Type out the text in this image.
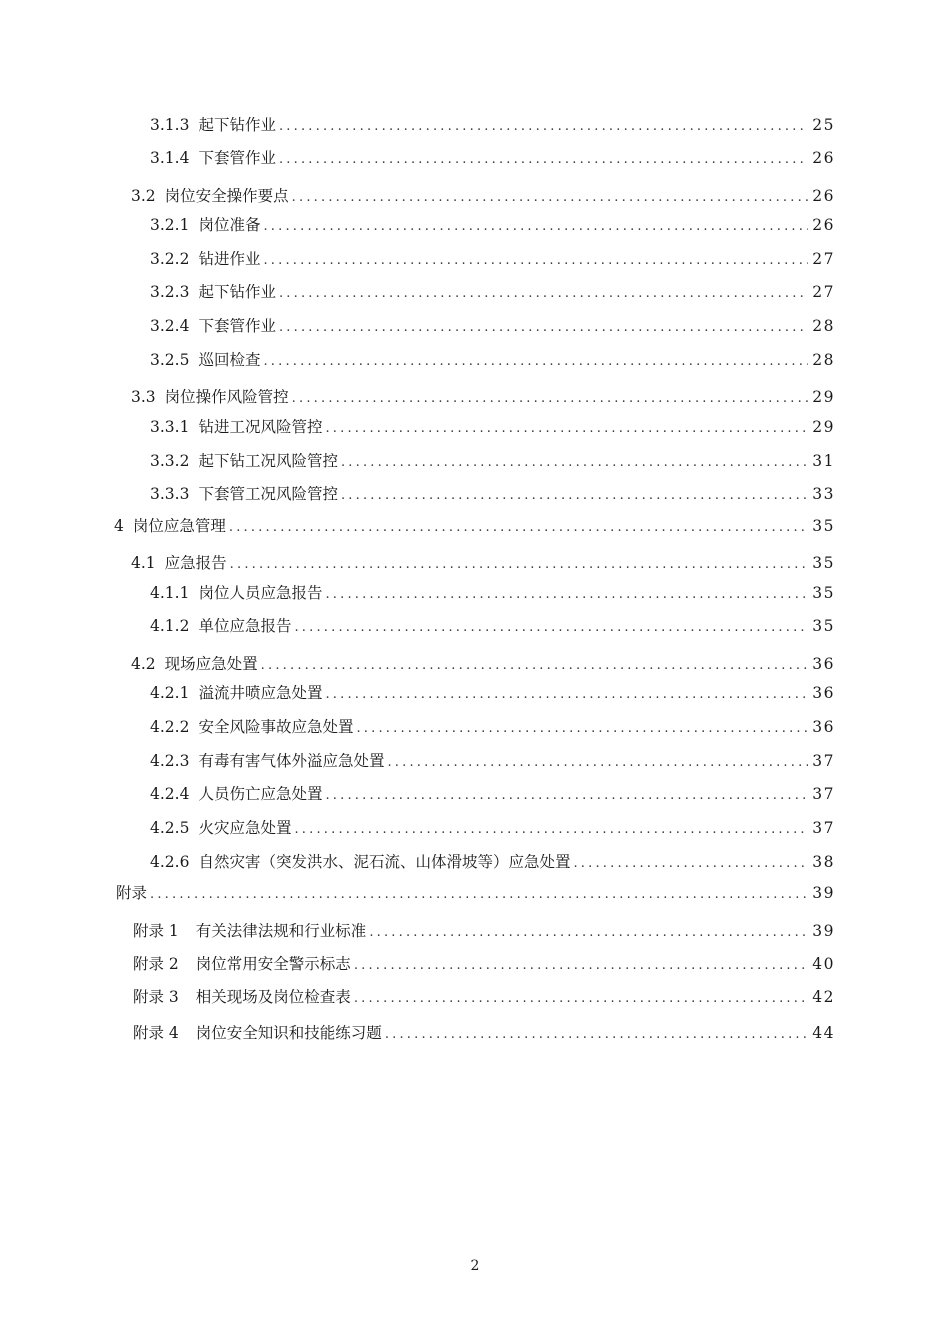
3.1.3 起下钻作业 .....	25
3.1.4 下套管作业 .....	26
3.2 岗位安全操作要点 .....	26
3.2.1 岗位准备 .....	26
3.2.2 钻进作业 .....	27
3.2.3 起下钻作业 .....	27
3.2.4 下套管作业 .....	28
3.2.5 巡回检查 .....	28
3.3 岗位操作风险管控 .....	29
3.3.1 钻进工况风险管控 .....	29
3.3.2 起下钻工况风险管控 .....	31
3.3.3 下套管工况风险管控 .....	33
4 岗位应急管理 .....	35
4.1 应急报告 .....	35
4.1.1 岗位人员应急报告 .....	35
4.1.2 单位应急报告 .....	35
4.2 现场应急处置 .....	36
4.2.1 溢流井喷应急处置 .....	36
4.2.2 安全风险事故应急处置 .....	36
4.2.3 有毒有害气体外溢应急处置 .....	37
4.2.4 人员伤亡应急处置 .....	37
4.2.5 火灾应急处置 .....	37
4.2.6 自然灾害（突发洪水、泥石流、山体滑坡等）应急处置 .....	38
附录 .....	39
附录 1 有关法律法规和行业标准 .....	39
附录 2 岗位常用安全警示标志 .....	40
附录 3 相关现场及岗位检查表 .....	42
附录 4 岗位安全知识和技能练习题 .....	44
2
